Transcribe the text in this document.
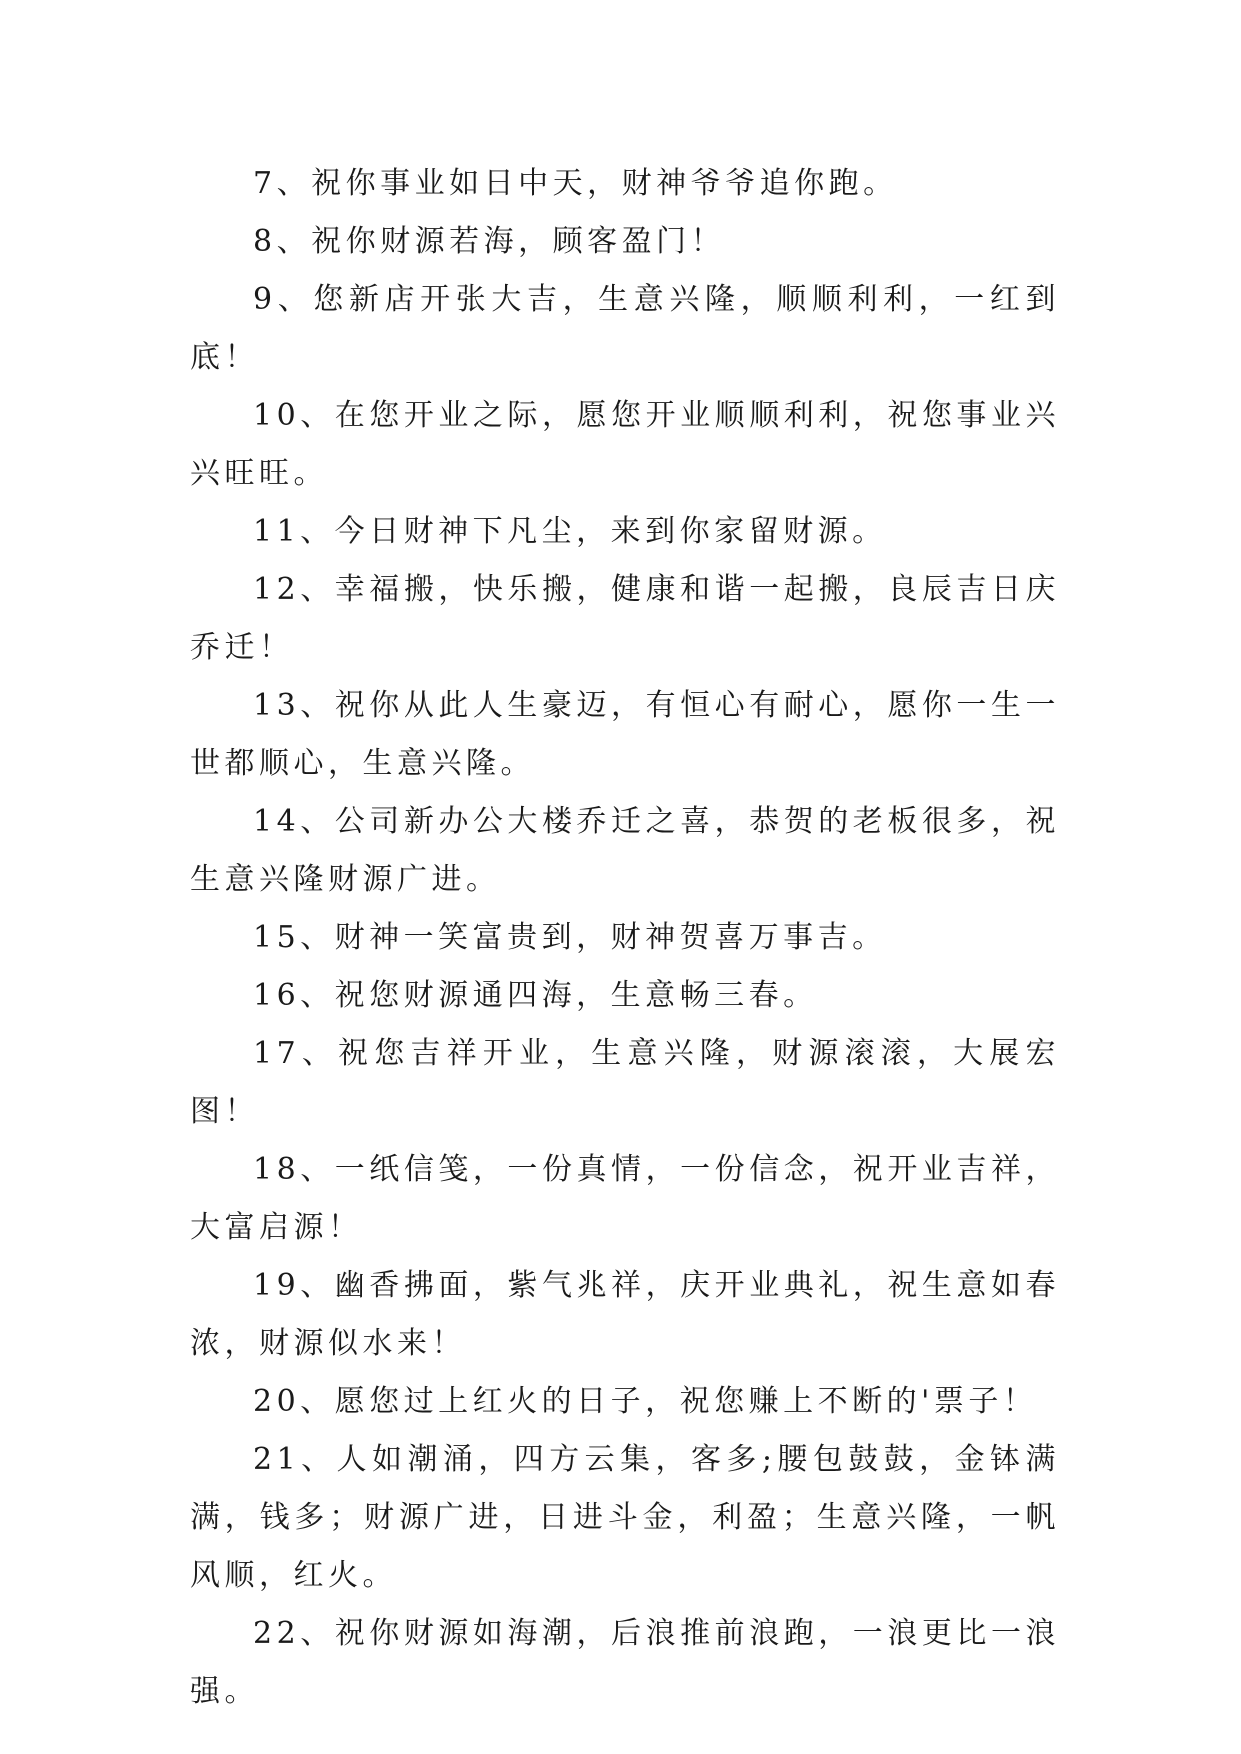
7、祝你事业如日中天，财神爷爷追你跑。

8、祝你财源若海，顾客盈门！

9、您新店开张大吉，生意兴隆，顺顺利利，一红到底！

10、在您开业之际，愿您开业顺顺利利，祝您事业兴兴旺旺。

11、今日财神下凡尘，来到你家留财源。

12、幸福搬，快乐搬，健康和谐一起搬，良辰吉日庆乔迁！

13、祝你从此人生豪迈，有恒心有耐心，愿你一生一世都顺心，生意兴隆。

14、公司新办公大楼乔迁之喜，恭贺的老板很多，祝生意兴隆财源广进。

15、财神一笑富贵到，财神贺喜万事吉。

16、祝您财源通四海，生意畅三春。

17、祝您吉祥开业，生意兴隆，财源滚滚，大展宏图！

18、一纸信笺，一份真情，一份信念，祝开业吉祥，大富启源！

19、幽香拂面，紫气兆祥，庆开业典礼，祝生意如春浓，财源似水来！

20、愿您过上红火的日子，祝您赚上不断的'票子！

21、人如潮涌，四方云集，客多;腰包鼓鼓，金钵满满，钱多；财源广进，日进斗金，利盈；生意兴隆，一帆风顺，红火。

22、祝你财源如海潮，后浪推前浪跑，一浪更比一浪强。
